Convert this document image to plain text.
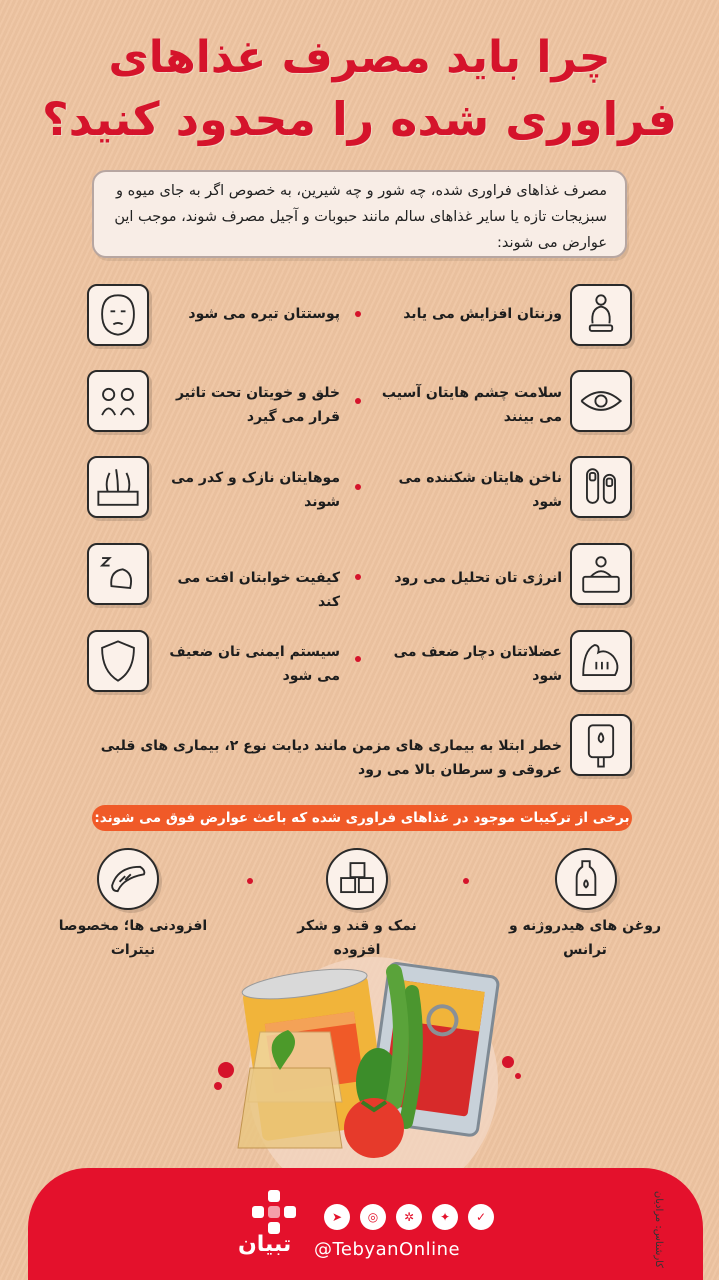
چرا باید مصرف غذاهای
فراوری شده را محدود کنید؟
مصرف غذاهای فراوری شده، چه شور و چه شیرین، به خصوص اگر به جای میوه و سبزیجات تازه یا سایر غذاهای سالم مانند حبوبات و آجیل مصرف شوند، موجب این عوارض می شوند:
وزنتان افزایش می یابد
پوستتان تیره می شود
سلامت چشم هایتان آسیب می بینند
خلق و خویتان تحت تاثیر قرار می گیرد
ناخن هایتان شکننده می شود
موهایتان نازک و کدر می شوند
انرژی تان تحلیل می رود
کیفیت خوابتان افت می کند
عضلاتتان دچار ضعف می شود
سیستم ایمنی تان ضعیف می شود
خطر ابتلا به بیماری های مزمن مانند دیابت نوع ۲، بیماری های قلبی عروقی و سرطان بالا می رود
برخی از ترکیبات موجود در غذاهای فراوری شده که باعث عوارض فوق می شوند:
روغن های هیدروژنه و ترانس
نمک و قند و شکر افزوده
افزودنی ها؛ مخصوصا نیترات
➤	◎	✲	✦	✓
تبیان @TebyanOnline	کارشناس: مرادیان
